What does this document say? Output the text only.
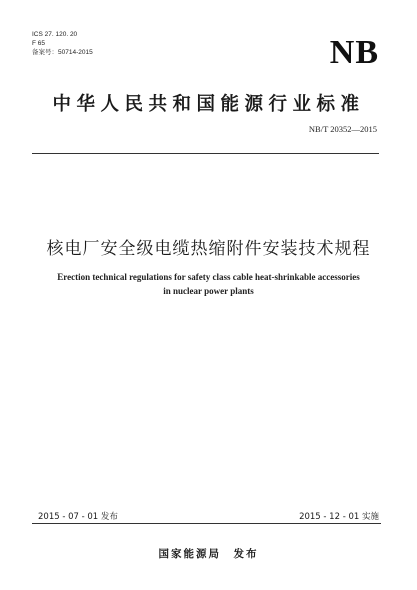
ICS 27. 120. 20
F 65
备案号：50714-2015	NB
中华人民共和国能源行业标准
NB/T 20352—2015
核电厂安全级电缆热缩附件安装技术规程
Erection technical regulations for safety class cable heat-shrinkable accessories
in nuclear power plants
2015 - 07 - 01 发布	2015 - 12 - 01 实施
国家能源局　发布
